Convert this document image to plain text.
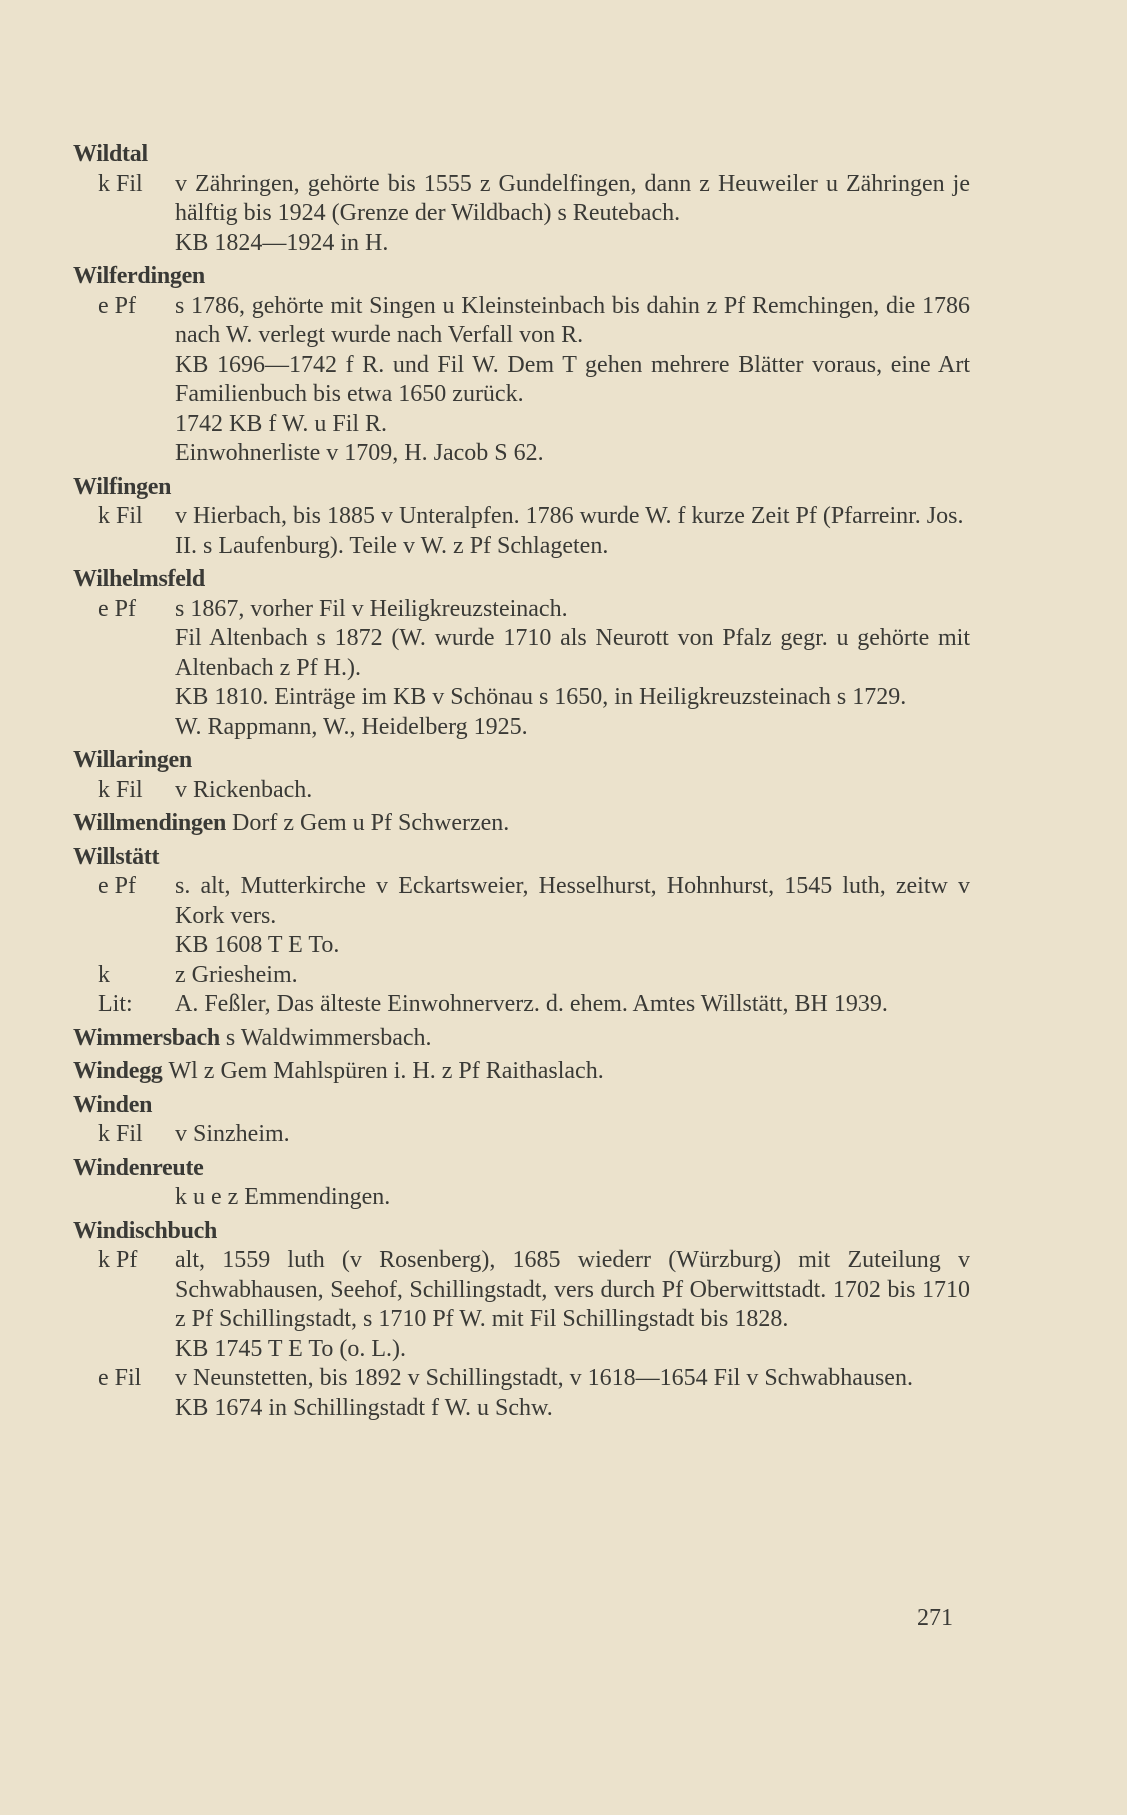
Wildtal
k Fil	v Zähringen, gehörte bis 1555 z Gundelfingen, dann z Heuweiler u Zähringen je hälftig bis 1924 (Grenze der Wildbach) s Reutebach.
KB 1824—1924 in H.
Wilferdingen
e Pf	s 1786, gehörte mit Singen u Kleinsteinbach bis dahin z Pf Remchingen, die 1786 nach W. verlegt wurde nach Verfall von R.
KB 1696—1742 f R. und Fil W. Dem T gehen mehrere Blätter voraus, eine Art Familienbuch bis etwa 1650 zurück.
1742 KB f W. u Fil R.
Einwohnerliste v 1709, H. Jacob S 62.
Wilfingen
k Fil	v Hierbach, bis 1885 v Unteralpfen. 1786 wurde W. f kurze Zeit Pf (Pfarreinr. Jos. II. s Laufenburg). Teile v W. z Pf Schlageten.
Wilhelmsfeld
e Pf	s 1867, vorher Fil v Heiligkreuzsteinach.
Fil Altenbach s 1872 (W. wurde 1710 als Neurott von Pfalz gegr. u gehörte mit Altenbach z Pf H.).
KB 1810. Einträge im KB v Schönau s 1650, in Heiligkreuzsteinach s 1729.
W. Rappmann, W., Heidelberg 1925.
Willaringen
k Fil	v Rickenbach.
Willmendingen Dorf z Gem u Pf Schwerzen.
Willstätt
e Pf	s. alt, Mutterkirche v Eckartsweier, Hesselhurst, Hohnhurst, 1545 luth, zeitw v Kork vers.
KB 1608 T E To.
k	z Griesheim.
Lit:	A. Feßler, Das älteste Einwohnerverz. d. ehem. Amtes Willstätt, BH 1939.
Wimmersbach s Waldwimmersbach.
Windegg Wl z Gem Mahlspüren i. H. z Pf Raithaslach.
Winden
k Fil	v Sinzheim.
Windenreute
k u e z Emmendingen.
Windischbuch
k Pf	alt, 1559 luth (v Rosenberg), 1685 wiederr (Würzburg) mit Zuteilung v Schwabhausen, Seehof, Schillingstadt, vers durch Pf Oberwittstadt. 1702 bis 1710 z Pf Schillingstadt, s 1710 Pf W. mit Fil Schillingstadt bis 1828.
KB 1745 T E To (o. L.).
e Fil	v Neunstetten, bis 1892 v Schillingstadt, v 1618—1654 Fil v Schwabhausen.
KB 1674 in Schillingstadt f W. u Schw.
271
